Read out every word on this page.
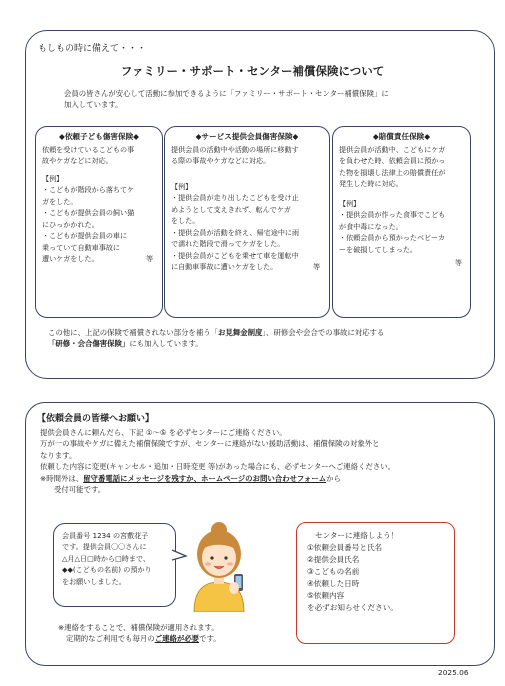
もしもの時に備えて・・・
ファミリー・サポート・センター補償保険について
会員の皆さんが安心して活動に参加できるように「ファミリー・サポート・センター補償保険」に
加入しています。
◆依頼子ども傷害保険◆
依頼を受けているこどもの事
故やケガなどに対応。
【例】
・こどもが階段から落ちてケ
ガをした。
・こどもが提供会員の飼い猫
にひっかかれた。
・こどもが提供会員の車に
乗っていて自動車事故に
遭いケガをした。	等
◆サービス提供会員傷害保険◆
提供会員の活動中や活動の場所に移動す
る際の事故やケガなどに対応。
【例】
・提供会員が走り出したこどもを受け止
めようとして支えきれず、転んでケガ
をした。
・提供会員が活動を終え、帰宅途中に雨
で濡れた階段で滑ってケガをした。
・提供会員がこどもを乗せて車を運転中
に自動車事故に遭いケガをした。	等
◆賠償責任保険◆
提供会員が活動中、こどもにケガ
を負わせた時、依頼会員に預かっ
た物を損壊し法律上の賠償責任が
発生した時に対応。
【例】
・提供会員が作った食事でこども
が食中毒になった。
・依頼会員から預かったベビーカ
ーを破損してしまった。
等
この他に、上記の保険で補償されない部分を補う「お見舞金制度」、研修会や会合での事故に対応する
「研修・会合傷害保険」にも加入しています。
【依頼会員の皆様へお願い】
提供会員さんに頼んだら、下記 ①～⑤ を必ずセンターにご連絡ください。
万が一の事故やケガに備えた補償保険ですが、センターに連絡がない援助活動は、補償保険の対象外と
なります。
依頼した内容に変更(キャンセル・追加・日時変更 等)があった場合にも、必ずセンターへご連絡ください。
※時間外は、留守番電話にメッセージを残すか、ホームページのお問い合わせフォームから
受付可能です。
会員番号 1234 の宮敷花子
です。提供会員〇〇さんに
△月△日□時から□時まで、
◆◆(こどもの名前) の預かり
をお願いしました。
センターに連絡しよう！
①依頼会員番号と氏名
②提供会員氏名
③こどもの名前
④依頼した日時
⑤依頼内容
を必ずお知らせください。
※連絡をすることで、補償保険が適用されます。
定期的なご利用でも毎月のご連絡が必要です。
2025.06
